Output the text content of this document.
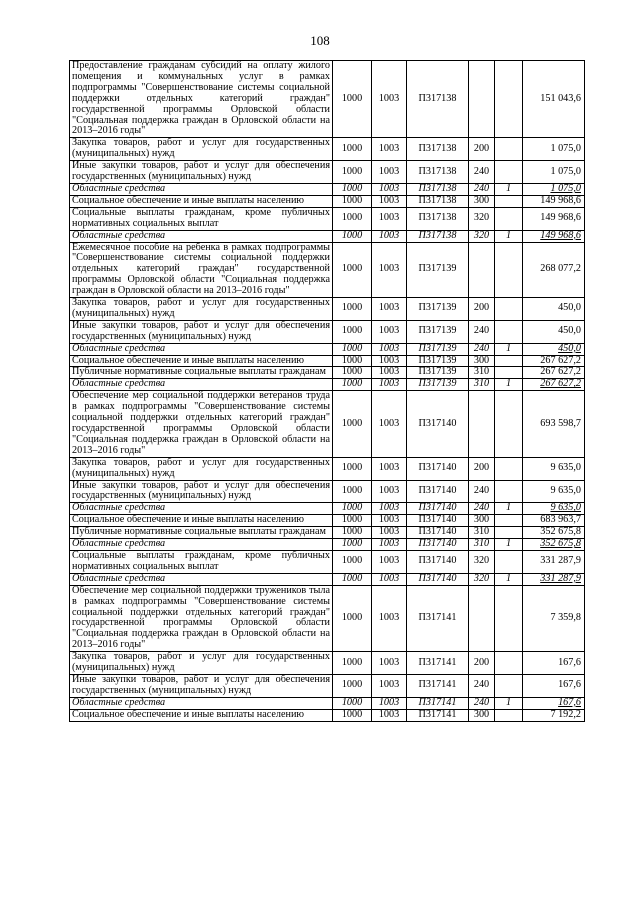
108
Предоставление гражданам субсидий на оплату жилого помещения и коммунальных услуг в рамках подпрограммы "Совершенствование системы социальной поддержки отдельных категорий граждан" государственной программы Орловской области "Социальная поддержка граждан в Орловской области на 2013–2016 годы"	1000	1003	П317138			151 043,6
Закупка товаров, работ и услуг для государственных (муниципальных) нужд	1000	1003	П317138	200		1 075,0
Иные закупки товаров, работ и услуг для обеспечения государственных (муниципальных) нужд	1000	1003	П317138	240		1 075,0
Областные средства	1000	1003	П317138	240	1	1 075,0
Социальное обеспечение и иные выплаты населению	1000	1003	П317138	300		149 968,6
Социальные выплаты гражданам, кроме публичных нормативных социальных выплат	1000	1003	П317138	320		149 968,6
Областные средства	1000	1003	П317138	320	1	149 968,6
Ежемесячное пособие на ребенка в рамках подпрограммы "Совершенствование системы социальной поддержки отдельных категорий граждан" государственной программы Орловской области "Социальная поддержка граждан в Орловской области на 2013–2016 годы"	1000	1003	П317139			268 077,2
Закупка товаров, работ и услуг для государственных (муниципальных) нужд	1000	1003	П317139	200		450,0
Иные закупки товаров, работ и услуг для обеспечения государственных (муниципальных) нужд	1000	1003	П317139	240		450,0
Областные средства	1000	1003	П317139	240	1	450,0
Социальное обеспечение и иные выплаты населению	1000	1003	П317139	300		267 627,2
Публичные нормативные социальные выплаты гражданам	1000	1003	П317139	310		267 627,2
Областные средства	1000	1003	П317139	310	1	267 627,2
Обеспечение мер социальной поддержки ветеранов труда в рамках подпрограммы "Совершенствование системы социальной поддержки отдельных категорий граждан" государственной программы Орловской области "Социальная поддержка граждан в Орловской области на 2013–2016 годы"	1000	1003	П317140			693 598,7
Закупка товаров, работ и услуг для государственных (муниципальных) нужд	1000	1003	П317140	200		9 635,0
Иные закупки товаров, работ и услуг для обеспечения государственных (муниципальных) нужд	1000	1003	П317140	240		9 635,0
Областные средства	1000	1003	П317140	240	1	9 635,0
Социальное обеспечение и иные выплаты населению	1000	1003	П317140	300		683 963,7
Публичные нормативные социальные выплаты гражданам	1000	1003	П317140	310		352 675,8
Областные средства	1000	1003	П317140	310	1	352 675,8
Социальные выплаты гражданам, кроме публичных нормативных социальных выплат	1000	1003	П317140	320		331 287,9
Областные средства	1000	1003	П317140	320	1	331 287,9
Обеспечение мер социальной поддержки тружеников тыла в рамках подпрограммы "Совершенствование системы социальной поддержки отдельных категорий граждан" государственной программы Орловской области "Социальная поддержка граждан в Орловской области на 2013–2016 годы"	1000	1003	П317141			7 359,8
Закупка товаров, работ и услуг для государственных (муниципальных) нужд	1000	1003	П317141	200		167,6
Иные закупки товаров, работ и услуг для обеспечения государственных (муниципальных) нужд	1000	1003	П317141	240		167,6
Областные средства	1000	1003	П317141	240	1	167,6
Социальное обеспечение и иные выплаты населению	1000	1003	П317141	300		7 192,2
